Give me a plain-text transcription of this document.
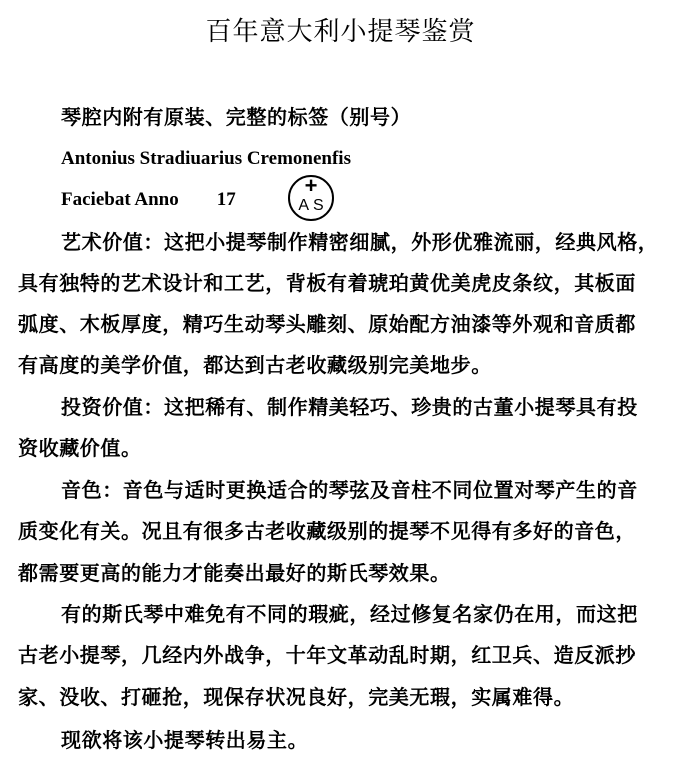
百年意大利小提琴鉴赏
琴腔内附有原装、完整的标签（别号）
Antonius Stradiuarius Cremonenfis
Faciebat Anno 17
+
AS
艺术价值：这把小提琴制作精密细腻，外形优雅流丽，经典风格，
具有独特的艺术设计和工艺，背板有着琥珀黄优美虎皮条纹，其板面
弧度、木板厚度，精巧生动琴头雕刻、原始配方油漆等外观和音质都
有高度的美学价值，都达到古老收藏级别完美地步。
投资价值：这把稀有、制作精美轻巧、珍贵的古董小提琴具有投
资收藏价值。
音色：音色与适时更换适合的琴弦及音柱不同位置对琴产生的音
质变化有关。况且有很多古老收藏级别的提琴不见得有多好的音色，
都需要更高的能力才能奏出最好的斯氏琴效果。
有的斯氏琴中难免有不同的瑕疵，经过修复名家仍在用，而这把
古老小提琴，几经内外战争，十年文革动乱时期，红卫兵、造反派抄
家、没收、打砸抢，现保存状况良好，完美无瑕，实属难得。
现欲将该小提琴转出易主。
